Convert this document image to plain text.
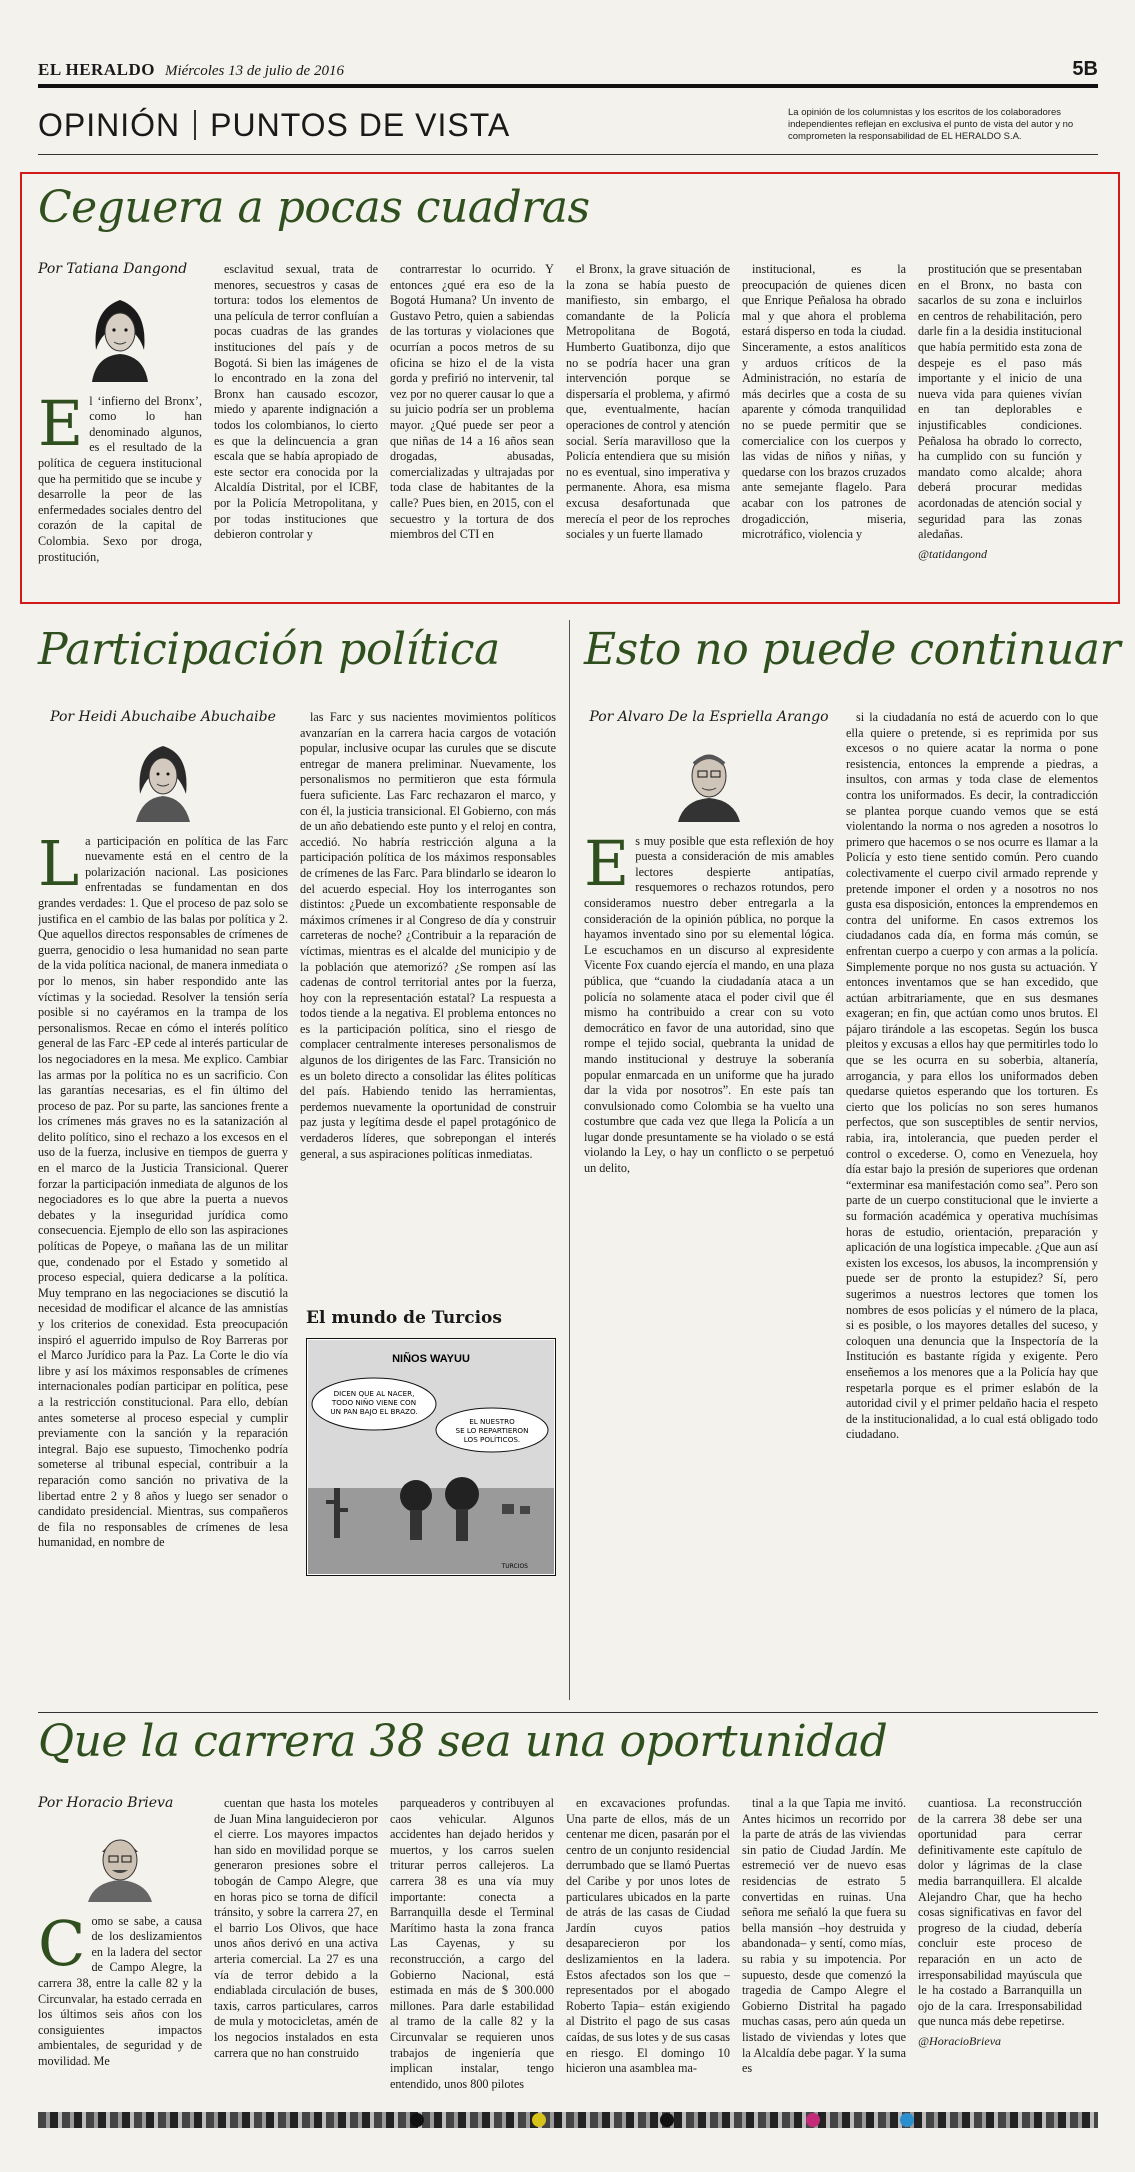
EL HERALDO Miércoles 13 de julio de 2016	5B
OPINIÓN PUNTOS DE VISTA	La opinión de los columnistas y los escritos de los colaboradores independientes reflejan en exclusiva el punto de vista del autor y no comprometen la responsabilidad de EL HERALDO S.A.
Ceguera a pocas cuadras
Por Tatiana Dangond
El ‘infierno del Bronx’, como lo han denominado algunos, es el resultado de la política de ceguera institucional que ha permitido que se incube y desarrolle la peor de las enfermedades sociales dentro del corazón de la capital de Colombia. Sexo por droga, prostitución,

esclavitud sexual, trata de menores, secuestros y casas de tortura: todos los elementos de una película de terror confluían a pocas cuadras de las grandes instituciones del país y de Bogotá. Si bien las imágenes de lo encontrado en la zona del Bronx han causado escozor, miedo y aparente indignación a todos los colombianos, lo cierto es que la delincuencia a gran escala que se había apropiado de este sector era conocida por la Alcaldía Distrital, por el ICBF, por la Policía Metropolitana, y por todas instituciones que debieron controlar y

contrarrestar lo ocurrido. Y entonces ¿qué era eso de la Bogotá Humana? Un invento de Gustavo Petro, quien a sabiendas de las torturas y violaciones que ocurrían a pocos metros de su oficina se hizo el de la vista gorda y prefirió no intervenir, tal vez por no querer causar lo que a su juicio podría ser un problema mayor. ¿Qué puede ser peor a que niñas de 14 a 16 años sean drogadas, abusadas, comercializadas y ultrajadas por toda clase de habitantes de la calle? Pues bien, en 2015, con el secuestro y la tortura de dos miembros del CTI en

el Bronx, la grave situación de la zona se había puesto de manifiesto, sin embargo, el comandante de la Policía Metropolitana de Bogotá, Humberto Guatibonza, dijo que no se podría hacer una gran intervención porque se dispersaría el problema, y afirmó que, eventualmente, hacían operaciones de control y atención social. Sería maravilloso que la Policía entendiera que su misión no es eventual, sino imperativa y permanente. Ahora, esa misma excusa desafortunada que merecía el peor de los reproches sociales y un fuerte llamado

institucional, es la preocupación de quienes dicen que Enrique Peñalosa ha obrado mal y que ahora el problema estará disperso en toda la ciudad. Sinceramente, a estos analíticos y arduos críticos de la Administración, no estaría de más decirles que a costa de su aparente y cómoda tranquilidad no se puede permitir que se comercialice con los cuerpos y las vidas de niños y niñas, y quedarse con los brazos cruzados ante semejante flagelo. Para acabar con los patrones de drogadicción, miseria, microtráfico, violencia y

prostitución que se presentaban en el Bronx, no basta con sacarlos de su zona e incluirlos en centros de rehabilitación, pero darle fin a la desidia institucional que había permitido esta zona de despeje es el paso más importante y el inicio de una nueva vida para quienes vivían en tan deplorables e injustificables condiciones. Peñalosa ha obrado lo correcto, ha cumplido con su función y mandato como alcalde; ahora deberá procurar medidas acordonadas de atención social y seguridad para las zonas aledañas.

@tatidangond
Participación política
Por Heidi Abuchaibe Abuchaibe
La participación en política de las Farc nuevamente está en el centro de la polarización nacional. Las posiciones enfrentadas se fundamentan en dos grandes verdades: 1. Que el proceso de paz solo se justifica en el cambio de las balas por política y 2. Que aquellos directos responsables de crímenes de guerra, genocidio o lesa humanidad no sean parte de la vida política nacional, de manera inmediata o por lo menos, sin haber respondido ante las víctimas y la sociedad. Resolver la tensión sería posible si no cayéramos en la trampa de los personalismos. Recae en cómo el interés político general de las Farc -EP cede al interés particular de los negociadores en la mesa. Me explico. Cambiar las armas por la política no es un sacrificio. Con las garantías necesarias, es el fin último del proceso de paz. Por su parte, las sanciones frente a los crímenes más graves no es la satanización al delito político, sino el rechazo a los excesos en el uso de la fuerza, inclusive en tiempos de guerra y en el marco de la Justicia Transicional. Querer forzar la participación inmediata de algunos de los negociadores es lo que abre la puerta a nuevos debates y la inseguridad jurídica como consecuencia. Ejemplo de ello son las aspiraciones políticas de Popeye, o mañana las de un militar que, condenado por el Estado y sometido al proceso especial, quiera dedicarse a la política. Muy temprano en las negociaciones se discutió la necesidad de modificar el alcance de las amnistías y los criterios de conexidad. Esta preocupación inspiró el aguerrido impulso de Roy Barreras por el Marco Jurídico para la Paz. La Corte le dio vía libre y así los máximos responsables de crímenes internacionales podían participar en política, pese a la restricción constitucional. Para ello, debían antes someterse al proceso especial y cumplir previamente con la sanción y la reparación integral. Bajo ese supuesto, Timochenko podría someterse al tribunal especial, contribuir a la reparación como sanción no privativa de la libertad entre 2 y 8 años y luego ser senador o candidato presidencial. Mientras, sus compañeros de fila no responsables de crímenes de lesa humanidad, en nombre de

las Farc y sus nacientes movimientos políticos avanzarían en la carrera hacia cargos de votación popular, inclusive ocupar las curules que se discute entregar de manera preliminar. Nuevamente, los personalismos no permitieron que esta fórmula fuera suficiente. Las Farc rechazaron el marco, y con él, la justicia transicional. El Gobierno, con más de un año debatiendo este punto y el reloj en contra, accedió. No habría restricción alguna a la participación política de los máximos responsables de crímenes de las Farc. Para blindarlo se idearon lo del acuerdo especial. Hoy los interrogantes son distintos: ¿Puede un excombatiente responsable de máximos crímenes ir al Congreso de día y construir carreteras de noche? ¿Contribuir a la reparación de víctimas, mientras es el alcalde del municipio y de la población que atemorizó? ¿Se rompen así las cadenas de control territorial antes por la fuerza, hoy con la representación estatal? La respuesta a todos tiende a la negativa. El problema entonces no es la participación política, sino el riesgo de complacer centralmente intereses personalismos de algunos de los dirigentes de las Farc. Transición no es un boleto directo a consolidar las élites políticas del país. Habiendo tenido las herramientas, perdemos nuevamente la oportunidad de construir paz justa y legítima desde el papel protagónico de verdaderos líderes, que sobrepongan el interés general, a sus aspiraciones políticas inmediatas.

El mundo de Turcios
NIÑOS WAYUU
DICEN QUE AL NACER, TODO NIÑO VIENE CON UN PAN BAJO EL BRAZO.
EL NUESTRO SE LO REPARTIERON LOS POLÍTICOS.
TURCIOS
Esto no puede continuar
Por Álvaro De la Espriella Arango
Es muy posible que esta reflexión de hoy puesta a consideración de mis amables lectores despierte antipatías, resquemores o rechazos rotundos, pero consideramos nuestro deber entregarla a la consideración de la opinión pública, no porque la hayamos inventado sino por su elemental lógica. Le escuchamos en un discurso al expresidente Vicente Fox cuando ejercía el mando, en una plaza pública, que “cuando la ciudadanía ataca a un policía no solamente ataca el poder civil que él mismo ha contribuido a crear con su voto democrático en favor de una autoridad, sino que rompe el tejido social, quebranta la unidad de mando institucional y destruye la soberanía popular enmarcada en un uniforme que ha jurado dar la vida por nosotros”. En este país tan convulsionado como Colombia se ha vuelto una costumbre que cada vez que llega la Policía a un lugar donde presuntamente se ha violado o se está violando la Ley, o hay un conflicto o se perpetuó un delito,

si la ciudadanía no está de acuerdo con lo que ella quiere o pretende, si es reprimida por sus excesos o no quiere acatar la norma o pone resistencia, entonces la emprende a piedras, a insultos, con armas y toda clase de elementos contra los uniformados. Es decir, la contradicción se plantea porque cuando vemos que se está violentando la norma o nos agreden a nosotros lo primero que hacemos o se nos ocurre es llamar a la Policía y esto tiene sentido común. Pero cuando colectivamente el cuerpo civil armado reprende y pretende imponer el orden y a nosotros no nos gusta esa disposición, entonces la emprendemos en contra del uniforme. En casos extremos los ciudadanos cada día, en forma más común, se enfrentan cuerpo a cuerpo y con armas a la policía. Simplemente porque no nos gusta su actuación. Y entonces inventamos que se han excedido, que actúan arbitrariamente, que en sus desmanes exageran; en fin, que actúan como unos brutos. El pájaro tirándole a las escopetas. Según los busca pleitos y excusas a ellos hay que permitirles todo lo que se les ocurra en su soberbia, altanería, arrogancia, y para ellos los uniformados deben quedarse quietos esperando que los torturen. Es cierto que los policías no son seres humanos perfectos, que son susceptibles de sentir nervios, rabia, ira, intolerancia, que pueden perder el control o excederse. O, como en Venezuela, hoy día estar bajo la presión de superiores que ordenan “exterminar esa manifestación como sea”. Pero son parte de un cuerpo constitucional que le invierte a su formación académica y operativa muchísimas horas de estudio, orientación, preparación y aplicación de una logística impecable. ¿Que aun así existen los excesos, los abusos, la incomprensión y puede ser de pronto la estupidez? Sí, pero sugerimos a nuestros lectores que tomen los nombres de esos policías y el número de la placa, si es posible, o los mayores detalles del suceso, y coloquen una denuncia que la Inspectoría de la Institución es bastante rígida y exigente. Pero enseñemos a los menores que a la Policía hay que respetarla porque es el primer eslabón de la autoridad civil y el primer peldaño hacia el respeto de la institucionalidad, a lo cual está obligado todo ciudadano.

Que la carrera 38 sea una oportunidad
Por Horacio Brieva
Como se sabe, a causa de los deslizamientos en la ladera del sector de Campo Alegre, la carrera 38, entre la calle 82 y la Circunvalar, ha estado cerrada en los últimos seis años con los consiguientes impactos ambientales, de seguridad y de movilidad. Me

cuentan que hasta los moteles de Juan Mina languidecieron por el cierre. Los mayores impactos han sido en movilidad porque se generaron presiones sobre el tobogán de Campo Alegre, que en horas pico se torna de difícil tránsito, y sobre la carrera 27, en el barrio Los Olivos, que hace unos años derivó en una activa arteria comercial. La 27 es una vía de terror debido a la endiablada circulación de buses, taxis, carros particulares, carros de mula y motocicletas, amén de los negocios instalados en esta carrera que no han construido

parqueaderos y contribuyen al caos vehicular. Algunos accidentes han dejado heridos y muertos, y los carros suelen triturar perros callejeros. La carrera 38 es una vía muy importante: conecta a Barranquilla desde el Terminal Marítimo hasta la zona franca Las Cayenas, y su reconstrucción, a cargo del Gobierno Nacional, está estimada en más de $ 300.000 millones. Para darle estabilidad al tramo de la calle 82 y la Circunvalar se requieren unos trabajos de ingeniería que implican instalar, tengo entendido, unos 800 pilotes

en excavaciones profundas. Una parte de ellos, más de un centenar me dicen, pasarán por el centro de un conjunto residencial derrumbado que se llamó Puertas del Caribe y por unos lotes de particulares ubicados en la parte de atrás de las casas de Ciudad Jardín cuyos patios desaparecieron por los deslizamientos en la ladera. Estos afectados son los que –representados por el abogado Roberto Tapia– están exigiendo al Distrito el pago de sus casas caídas, de sus lotes y de sus casas en riesgo. El domingo 10 hicieron una asamblea ma-

tinal a la que Tapia me invitó. Antes hicimos un recorrido por la parte de atrás de las viviendas sin patio de Ciudad Jardín. Me estremeció ver de nuevo esas residencias de estrato 5 convertidas en ruinas. Una señora me señaló la que fuera su bella mansión –hoy destruida y abandonada– y sentí, como mías, su rabia y su impotencia. Por supuesto, desde que comenzó la tragedia de Campo Alegre el Gobierno Distrital ha pagado muchas casas, pero aún queda un listado de viviendas y lotes que la Alcaldía debe pagar. Y la suma es

cuantiosa. La reconstrucción de la carrera 38 debe ser una oportunidad para cerrar definitivamente este capítulo de dolor y lágrimas de la clase media barranquillera. El alcalde Alejandro Char, que ha hecho cosas significativas en favor del progreso de la ciudad, debería concluir este proceso de reparación en un acto de irresponsabilidad mayúscula que le ha costado a Barranquilla un ojo de la cara. Irresponsabilidad que nunca más debe repetirse.

@HoracioBrieva
